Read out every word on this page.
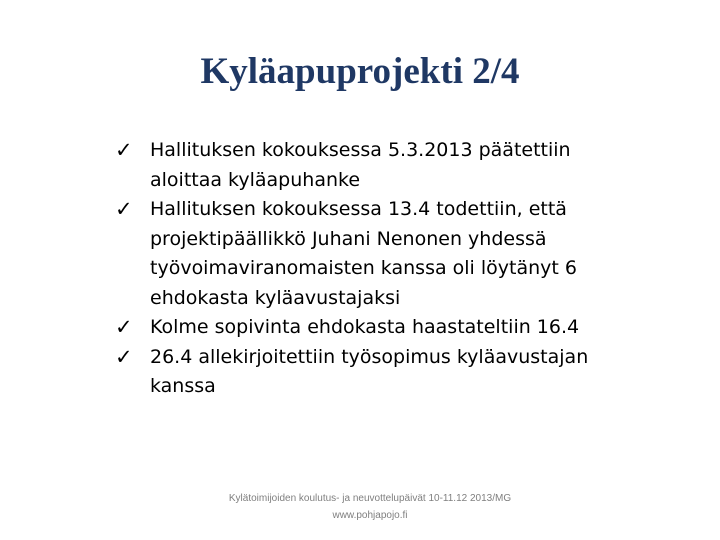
Kyläapuprojekti 2/4
✓ Hallituksen kokouksessa 5.3.2013 päätettiin aloittaa kyläapuhanke
✓ Hallituksen kokouksessa 13.4 todettiin, että projektipäällikkö Juhani Nenonen yhdessä työvoimaviranomaisten kanssa oli löytänyt 6 ehdokasta kyläavustajaksi
✓ Kolme sopivinta ehdokasta haastateltiin 16.4
✓ 26.4 allekirjoitettiin työsopimus kyläavustajan kanssa
Kylätoimijoiden koulutus- ja neuvottelupäivät 10-11.12 2013/MG
www.pohjapojo.fi
